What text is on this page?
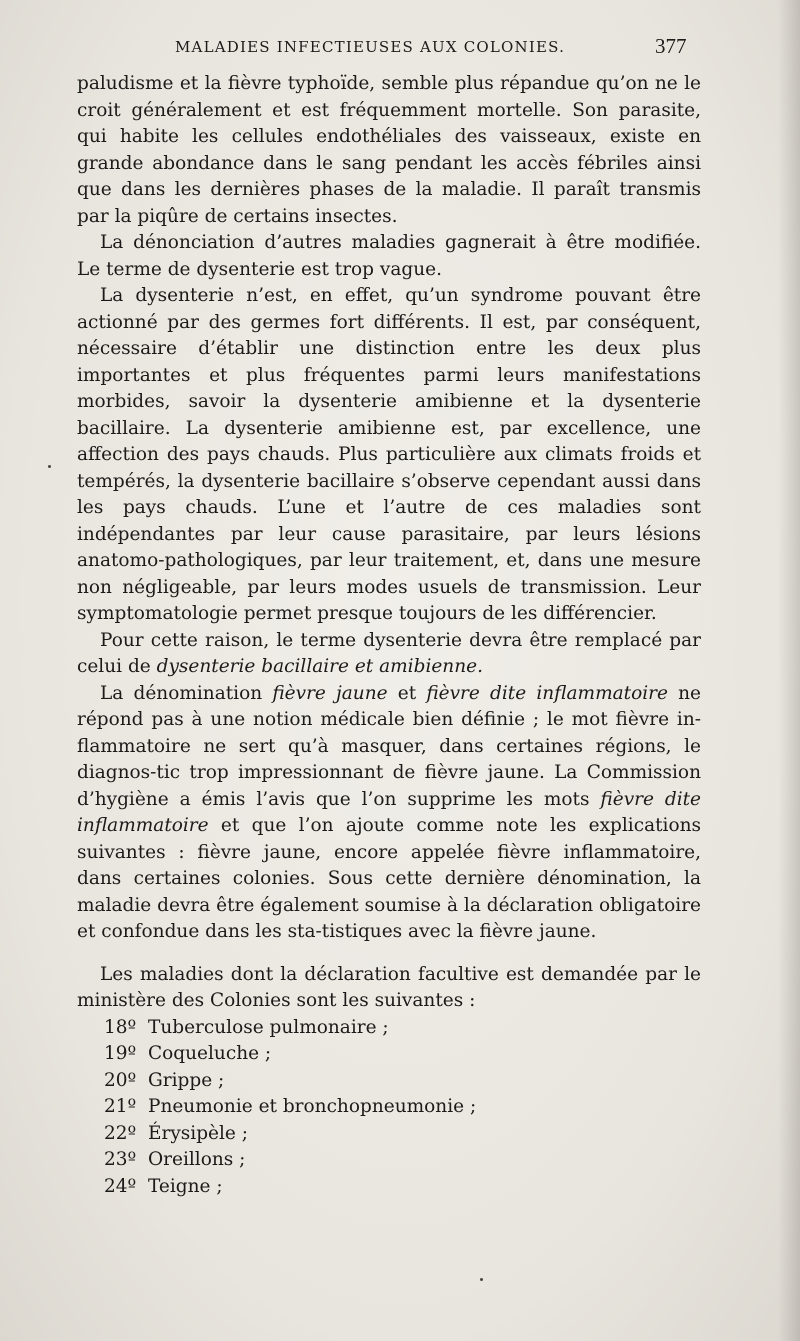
MALADIES INFECTIEUSES AUX COLONIES.	377

paludisme et la fièvre typhoïde, semble plus répandue qu’on ne le croit généralement et est fréquemment mortelle. Son parasite, qui habite les cellules endothéliales des vaisseaux, existe en grande abondance dans le sang pendant les accès fébriles ainsi que dans les dernières phases de la maladie. Il paraît transmis par la piqûre de certains insectes.

La dénonciation d’autres maladies gagnerait à être modifiée. Le terme de dysenterie est trop vague.

La dysenterie n’est, en effet, qu’un syndrome pouvant être actionné par des germes fort différents. Il est, par conséquent, nécessaire d’établir une distinction entre les deux plus importantes et plus fréquentes parmi leurs manifestations morbides, savoir la dysenterie amibienne et la dysenterie bacillaire. La dysenterie amibienne est, par excellence, une affection des pays chauds. Plus particulière aux climats froids et tempérés, la dysenterie bacillaire s’observe cependant aussi dans les pays chauds. L’une et l’autre de ces maladies sont indépendantes par leur cause parasitaire, par leurs lésions anatomo-pathologiques, par leur traitement, et, dans une mesure non négligeable, par leurs modes usuels de transmission. Leur symptomatologie permet presque toujours de les différencier.

Pour cette raison, le terme dysenterie devra être remplacé par celui de dysenterie bacillaire et amibienne.

La dénomination fièvre jaune et fièvre dite inflammatoire ne répond pas à une notion médicale bien définie ; le mot fièvre in-flammatoire ne sert qu’à masquer, dans certaines régions, le diagnos-tic trop impressionnant de fièvre jaune. La Commission d’hygiène a émis l’avis que l’on supprime les mots fièvre dite inflammatoire et que l’on ajoute comme note les explications suivantes : fièvre jaune, encore appelée fièvre inflammatoire, dans certaines colonies. Sous cette dernière dénomination, la maladie devra être également soumise à la déclaration obligatoire et confondue dans les sta-tistiques avec la fièvre jaune.

Les maladies dont la déclaration facultive est demandée par le ministère des Colonies sont les suivantes :

18º Tuberculose pulmonaire ;
19º Coqueluche ;
20º Grippe ;
21º Pneumonie et bronchopneumonie ;
22º Érysipèle ;
23º Oreillons ;
24º Teigne ;
